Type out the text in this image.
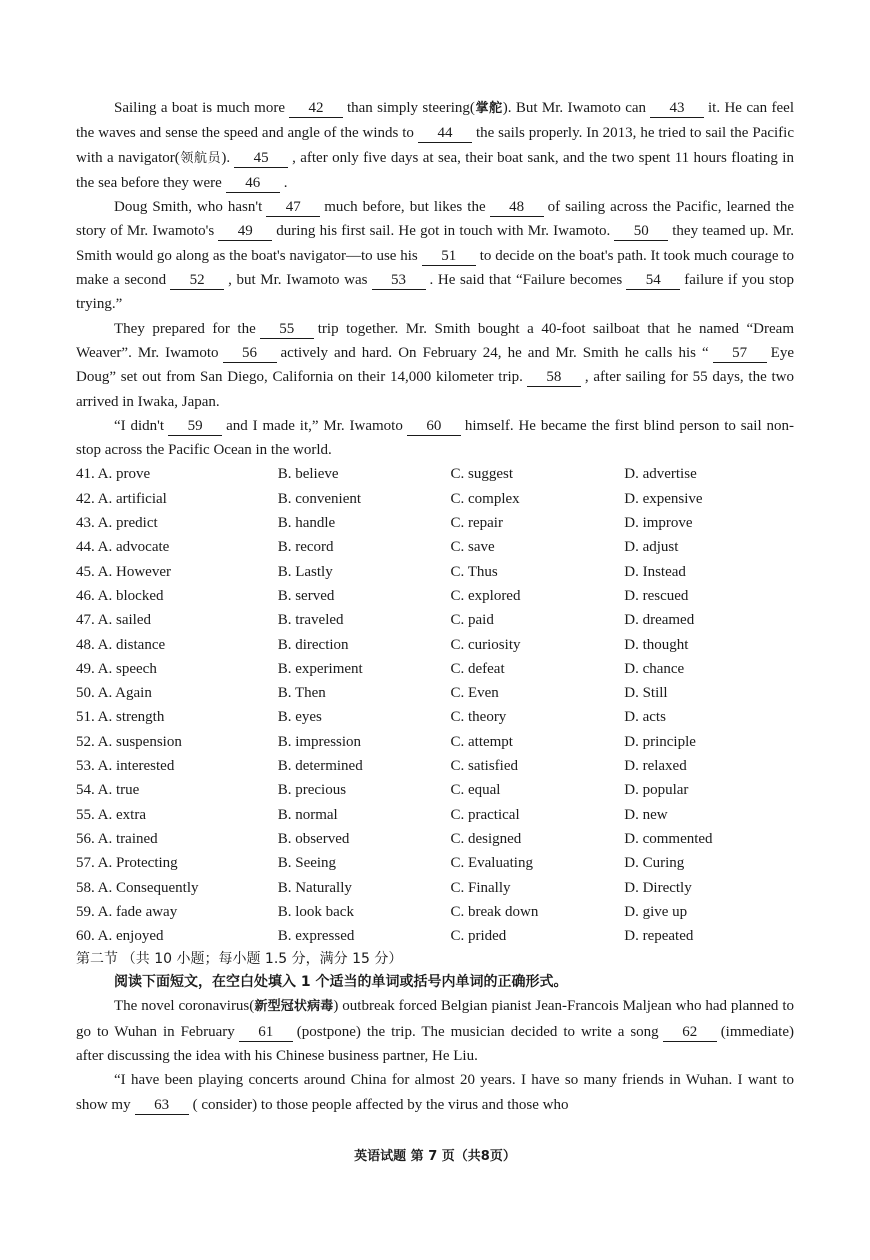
Sailing a boat is much more 42 than simply steering(掌舵). But Mr. Iwamoto can 43 it. He can feel the waves and sense the speed and angle of the winds to 44 the sails properly. In 2013, he tried to sail the Pacific with a navigator(领航员). 45 , after only five days at sea, their boat sank, and the two spent 11 hours floating in the sea before they were 46 .

Doug Smith, who hasn't 47 much before, but likes the 48 of sailing across the Pacific, learned the story of Mr. Iwamoto's 49 during his first sail. He got in touch with Mr. Iwamoto. 50 they teamed up. Mr. Smith would go along as the boat's navigator—to use his 51 to decide on the boat's path. It took much courage to make a second 52 , but Mr. Iwamoto was 53 . He said that “Failure becomes 54 failure if you stop trying.”

They prepared for the 55 trip together. Mr. Smith bought a 40-foot sailboat that he named “Dream Weaver”. Mr. Iwamoto 56 actively and hard. On February 24, he and Mr. Smith he calls his “ 57 Eye Doug” set out from San Diego, California on their 14,000 kilometer trip. 58 , after sailing for 55 days, the two arrived in Iwaka, Japan.

“I didn't 59 and I made it,” Mr. Iwamoto 60 himself. He became the first blind person to sail non-stop across the Pacific Ocean in the world.

41. A. prove	B. believe	C. suggest	D. advertise
42. A. artificial	B. convenient	C. complex	D. expensive
43. A. predict	B. handle	C. repair	D. improve
44. A. advocate	B. record	C. save	D. adjust
45. A. However	B. Lastly	C. Thus	D. Instead
46. A. blocked	B. served	C. explored	D. rescued
47. A. sailed	B. traveled	C. paid	D. dreamed
48. A. distance	B. direction	C. curiosity	D. thought
49. A. speech	B. experiment	C. defeat	D. chance
50. A. Again	B. Then	C. Even	D. Still
51. A. strength	B. eyes	C. theory	D. acts
52. A. suspension	B. impression	C. attempt	D. principle
53. A. interested	B. determined	C. satisfied	D. relaxed
54. A. true	B. precious	C. equal	D. popular
55. A. extra	B. normal	C. practical	D. new
56. A. trained	B. observed	C. designed	D. commented
57. A. Protecting	B. Seeing	C. Evaluating	D. Curing
58. A. Consequently	B. Naturally	C. Finally	D. Directly
59. A. fade away	B. look back	C. break down	D. give up
60. A. enjoyed	B. expressed	C. prided	D. repeated
第二节 （共 10 小题；每小题 1.5 分，满分 15 分）

阅读下面短文，在空白处填入 1 个适当的单词或括号内单词的正确形式。

The novel coronavirus(新型冠状病毒) outbreak forced Belgian pianist Jean-Francois Maljean who had planned to go to Wuhan in February 61 (postpone) the trip. The musician decided to write a song 62 (immediate) after discussing the idea with his Chinese business partner, He Liu.

“I have been playing concerts around China for almost 20 years. I have so many friends in Wuhan. I want to show my 63 ( consider) to those people affected by the virus and those who

英语试题 第 7 页（共8页）
